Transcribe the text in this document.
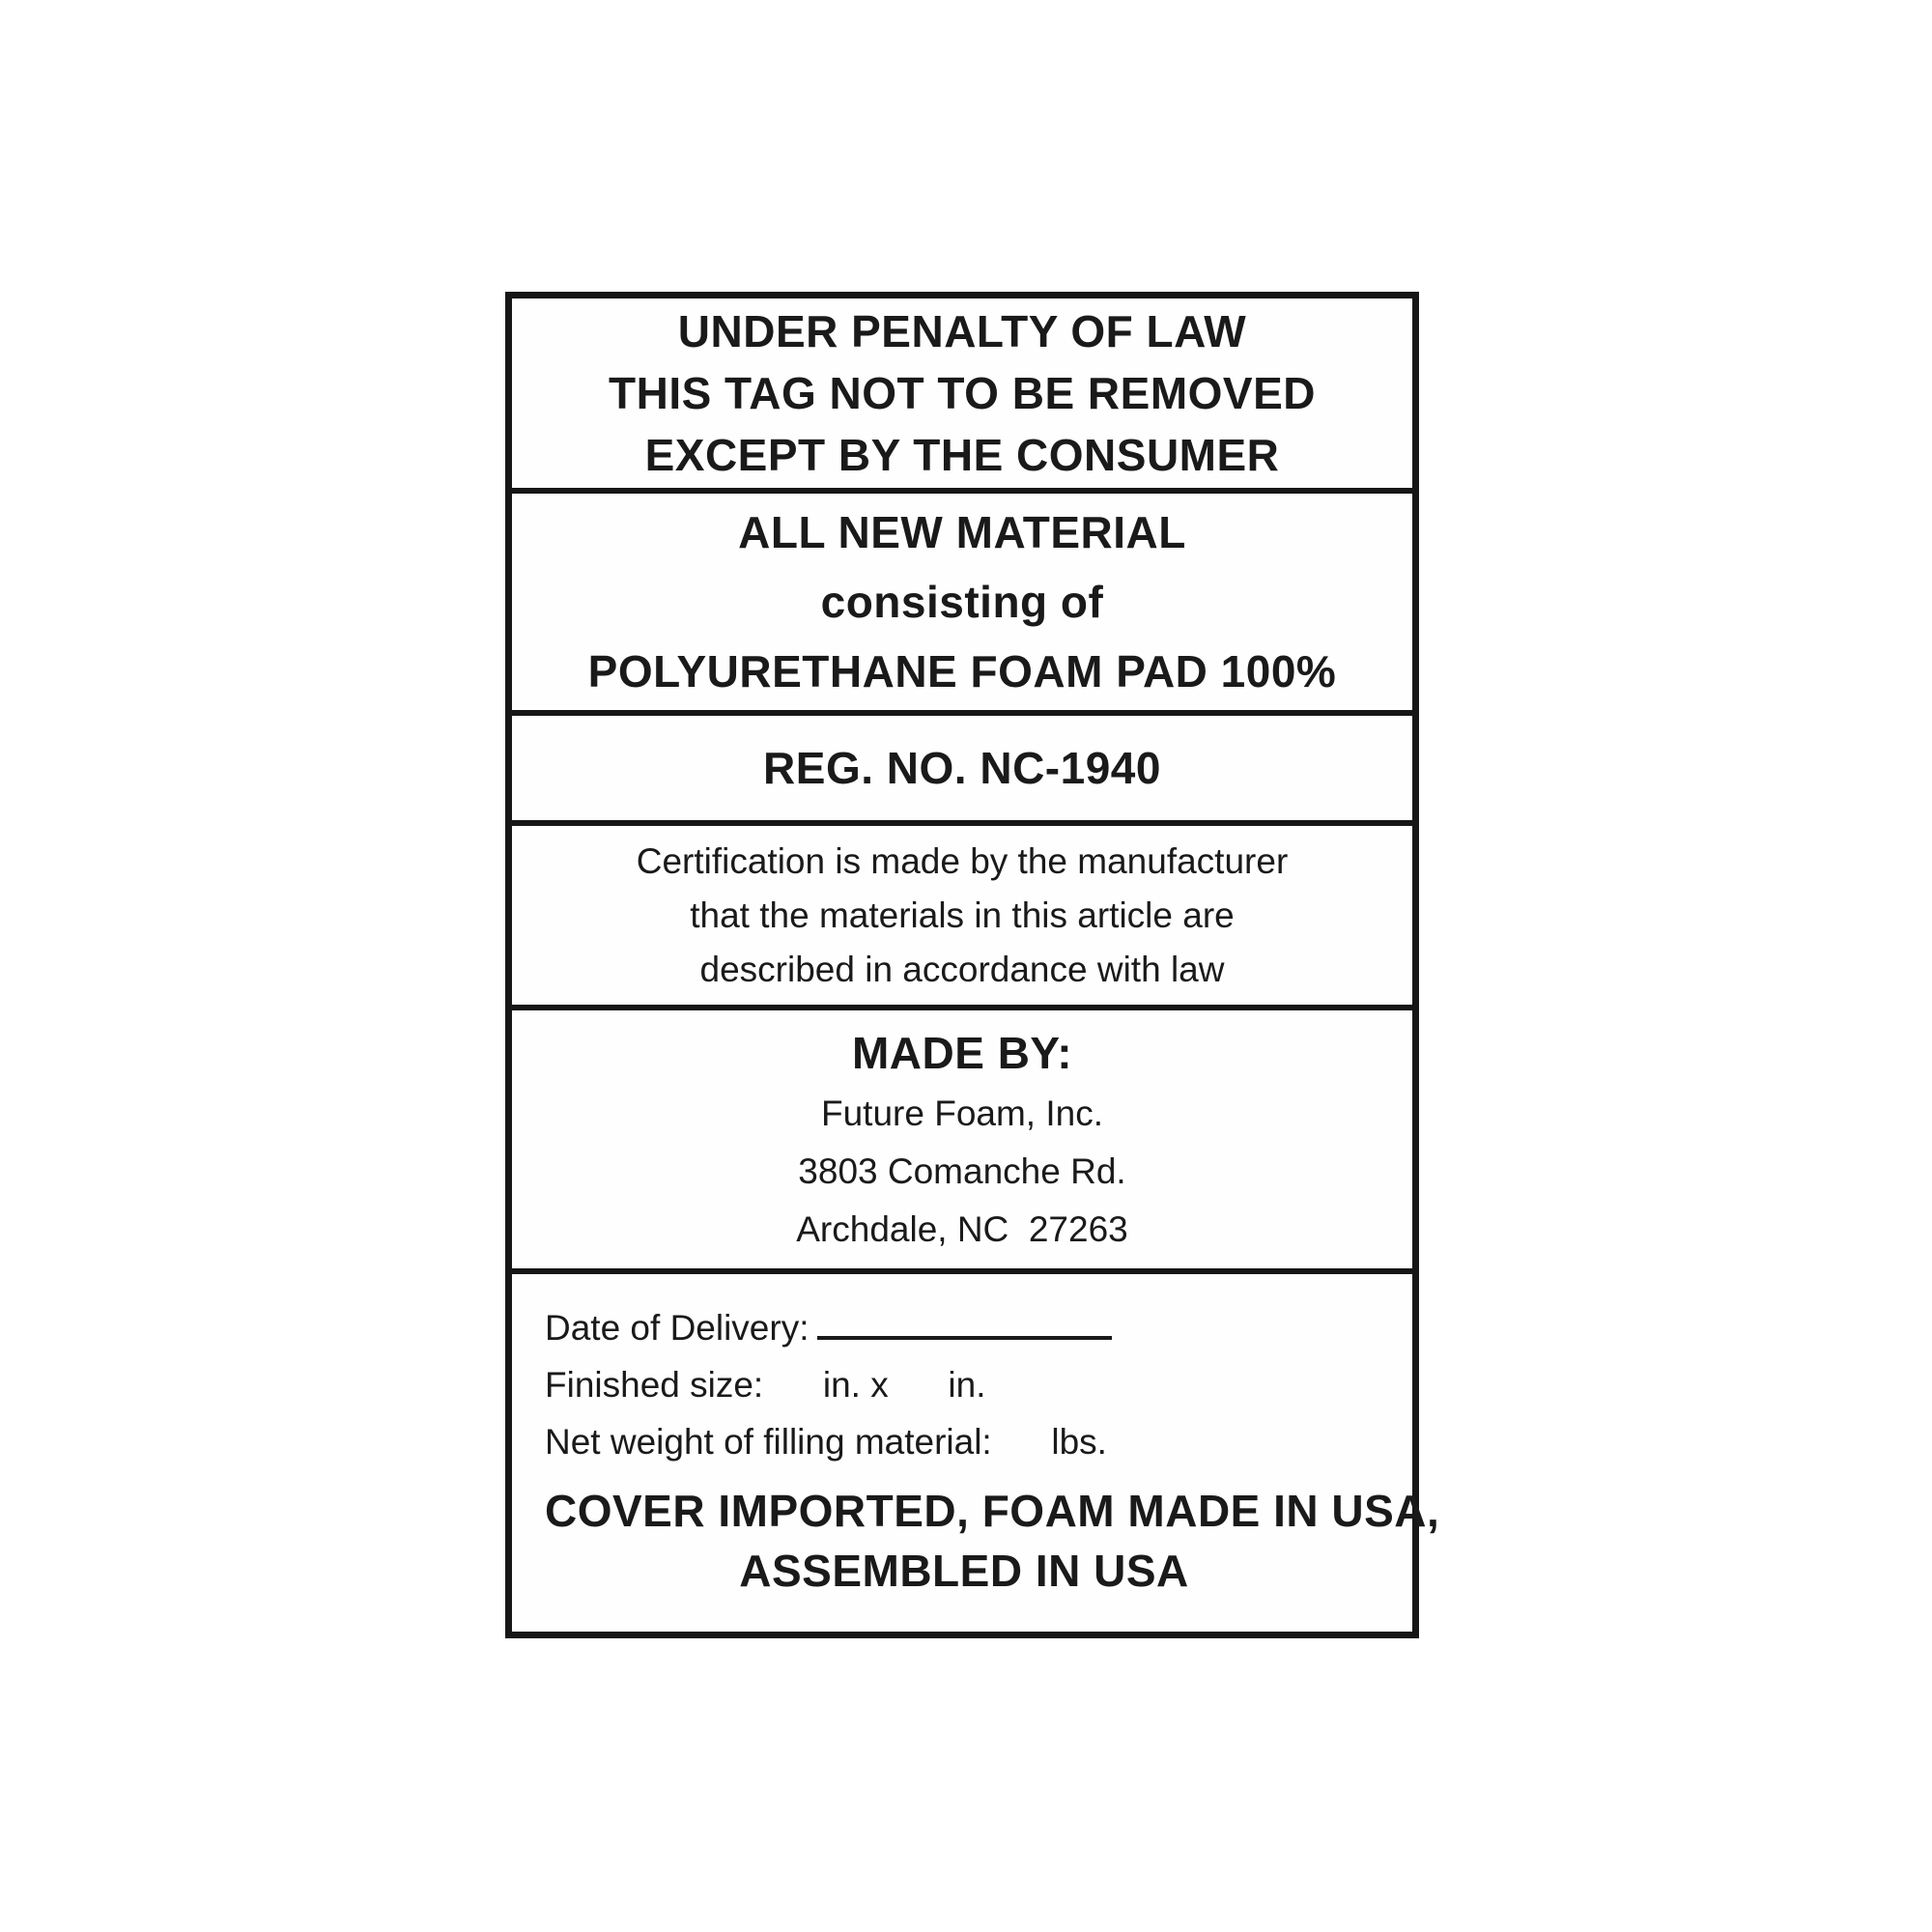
UNDER PENALTY OF LAW
THIS TAG NOT TO BE REMOVED
EXCEPT BY THE CONSUMER
ALL NEW MATERIAL
consisting of
POLYURETHANE FOAM PAD 100%
REG. NO. NC-1940
Certification is made by the manufacturer
that the materials in this article are
described in accordance with law
MADE BY:
Future Foam, Inc.
3803 Comanche Rd.
Archdale, NC  27263
Date of Delivery:
Finished size:      in. x      in.
Net weight of filling material:      lbs.
COVER IMPORTED, FOAM MADE IN USA,
ASSEMBLED IN USA
